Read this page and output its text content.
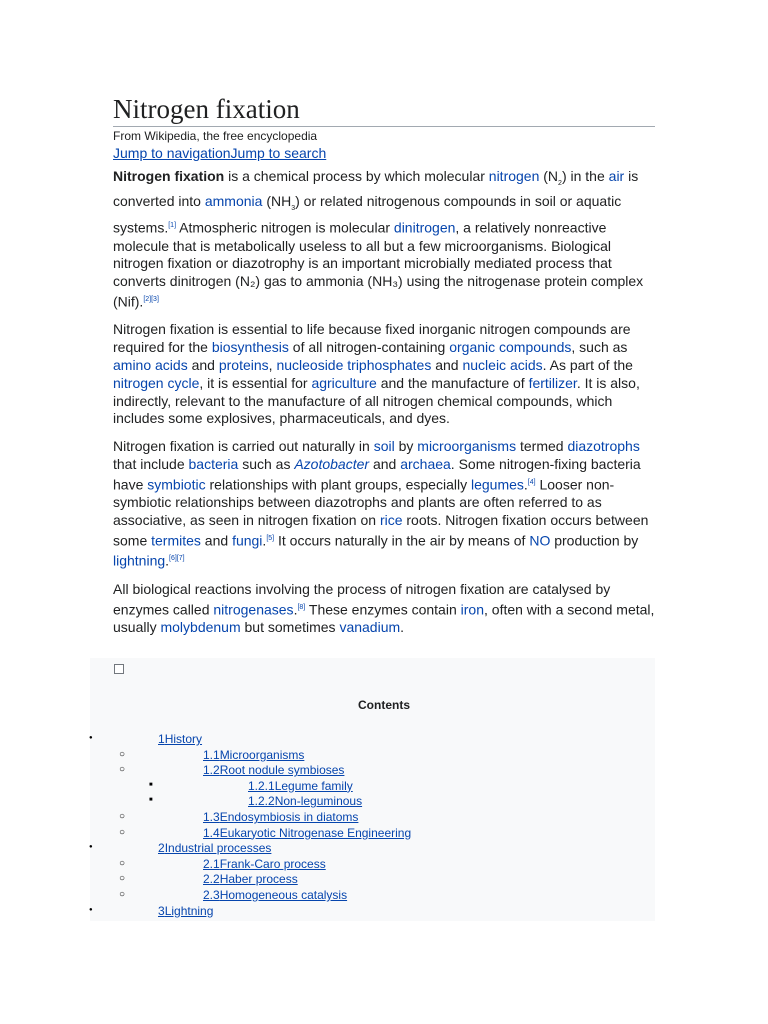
Nitrogen fixation
From Wikipedia, the free encyclopedia
Jump to navigationJump to search

Nitrogen fixation is a chemical process by which molecular nitrogen $(N_2)$ in the air is converted into ammonia $(NH_3)$ or related nitrogenous compounds in soil or aquatic systems.[1] Atmospheric nitrogen is molecular dinitrogen, a relatively nonreactive molecule that is metabolically useless to all but a few microorganisms. Biological nitrogen fixation or diazotrophy is an important microbially mediated process that converts dinitrogen (N₂) gas to ammonia (NH₃) using the nitrogenase protein complex (Nif).[2][3]

Nitrogen fixation is essential to life because fixed inorganic nitrogen compounds are required for the biosynthesis of all nitrogen-containing organic compounds, such as amino acids and proteins, nucleoside triphosphates and nucleic acids. As part of the nitrogen cycle, it is essential for agriculture and the manufacture of fertilizer. It is also, indirectly, relevant to the manufacture of all nitrogen chemical compounds, which includes some explosives, pharmaceuticals, and dyes.

Nitrogen fixation is carried out naturally in soil by microorganisms termed diazotrophs that include bacteria such as Azotobacter and archaea. Some nitrogen-fixing bacteria have symbiotic relationships with plant groups, especially legumes.[4] Looser non-symbiotic relationships between diazotrophs and plants are often referred to as associative, as seen in nitrogen fixation on rice roots. Nitrogen fixation occurs between some termites and fungi.[5] It occurs naturally in the air by means of NO production by lightning.[6][7]

All biological reactions involving the process of nitrogen fixation are catalysed by enzymes called nitrogenases.[8] These enzymes contain iron, often with a second metal, usually molybdenum but sometimes vanadium.

Contents
●	1History
○	1.1Microorganisms
○	1.2Root nodule symbioses
■	1.2.1Legume family
■	1.2.2Non-leguminous
○	1.3Endosymbiosis in diatoms
○	1.4Eukaryotic Nitrogenase Engineering
●	2Industrial processes
○	2.1Frank-Caro process
○	2.2Haber process
○	2.3Homogeneous catalysis
●	3Lightning
